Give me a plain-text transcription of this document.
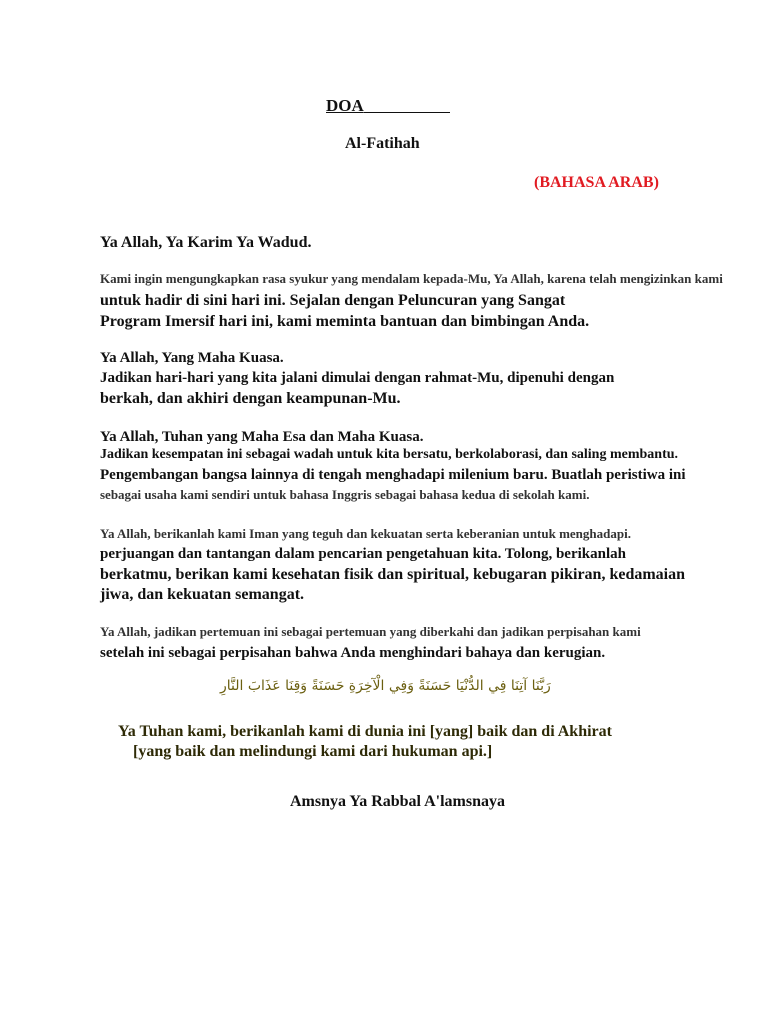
DOA
Al-Fatihah
(BAHASA ARAB)
Ya Allah, Ya Karim Ya Wadud.
Kami ingin mengungkapkan rasa syukur yang mendalam kepada-Mu, Ya Allah, karena telah mengizinkan kami
untuk hadir di sini hari ini. Sejalan dengan Peluncuran yang Sangat
Program Imersif hari ini, kami meminta bantuan dan bimbingan Anda.
Ya Allah, Yang Maha Kuasa.
Jadikan hari-hari yang kita jalani dimulai dengan rahmat-Mu, dipenuhi dengan
berkah, dan akhiri dengan keampunan-Mu.
Ya Allah, Tuhan yang Maha Esa dan Maha Kuasa.
Jadikan kesempatan ini sebagai wadah untuk kita bersatu, berkolaborasi, dan saling membantu.
Pengembangan bangsa lainnya di tengah menghadapi milenium baru. Buatlah peristiwa ini
sebagai usaha kami sendiri untuk bahasa Inggris sebagai bahasa kedua di sekolah kami.
Ya Allah, berikanlah kami Iman yang teguh dan kekuatan serta keberanian untuk menghadapi.
perjuangan dan tantangan dalam pencarian pengetahuan kita. Tolong, berikanlah
berkatmu, berikan kami kesehatan fisik dan spiritual, kebugaran pikiran, kedamaian
jiwa, dan kekuatan semangat.
Ya Allah, jadikan pertemuan ini sebagai pertemuan yang diberkahi dan jadikan perpisahan kami
setelah ini sebagai perpisahan bahwa Anda menghindari bahaya dan kerugian.
رَبَّنَا آتِنَا فِي الدُّنْيَا حَسَنَةً وَفِي الْآخِرَةِ حَسَنَةً وَقِنَا عَذَابَ النَّارِ
Ya Tuhan kami, berikanlah kami di dunia ini [yang] baik dan di Akhirat
[yang baik dan melindungi kami dari hukuman api.]
Amsnya Ya Rabbal A'lamsnaya
